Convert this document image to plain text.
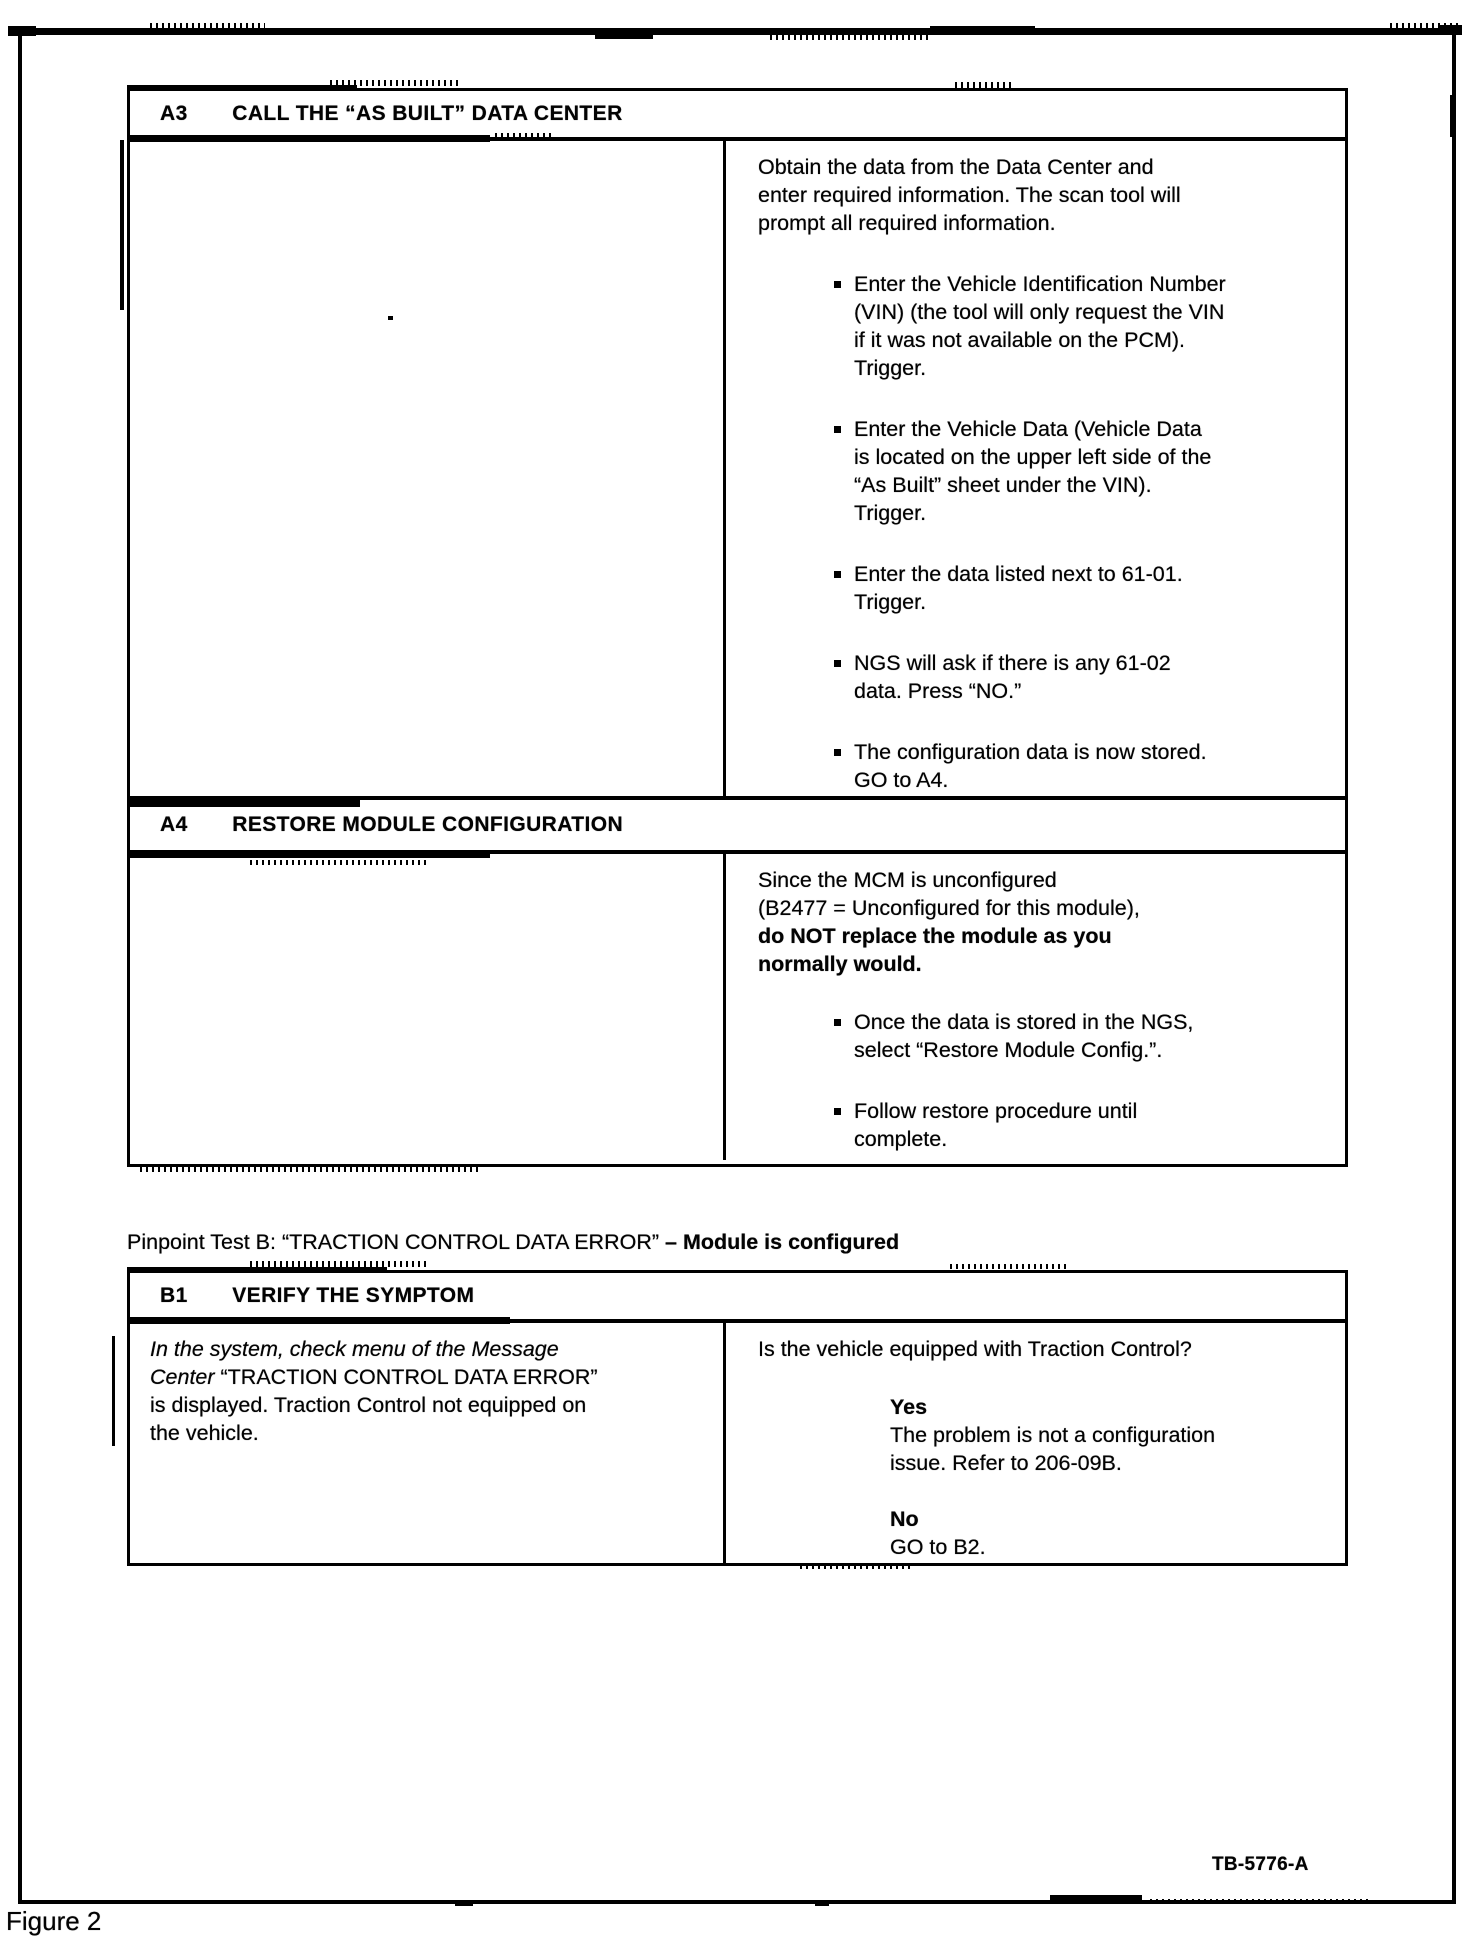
A3 CALL THE “AS BUILT” DATA CENTER
Obtain the data from the Data Center and
enter required information. The scan tool will
prompt all required information.
Enter the Vehicle Identification Number
(VIN) (the tool will only request the VIN
if it was not available on the PCM).
Trigger.
Enter the Vehicle Data (Vehicle Data
is located on the upper left side of the
“As Built” sheet under the VIN).
Trigger.
Enter the data listed next to 61-01.
Trigger.
NGS will ask if there is any 61-02
data. Press “NO.”
The configuration data is now stored.
GO to A4.
A4 RESTORE MODULE CONFIGURATION
Since the MCM is unconfigured
(B2477 = Unconfigured for this module),
do NOT replace the module as you
normally would.
Once the data is stored in the NGS,
select “Restore Module Config.”.
Follow restore procedure until
complete.
Pinpoint Test B: “TRACTION CONTROL DATA ERROR” – Module is configured
B1 VERIFY THE SYMPTOM
In the system, check menu of the Message
Center “TRACTION CONTROL DATA ERROR”
is displayed. Traction Control not equipped on
the vehicle.
Is the vehicle equipped with Traction Control?
Yes
The problem is not a configuration
issue. Refer to 206-09B.
No
GO to B2.
TB-5776-A
Figure 2
